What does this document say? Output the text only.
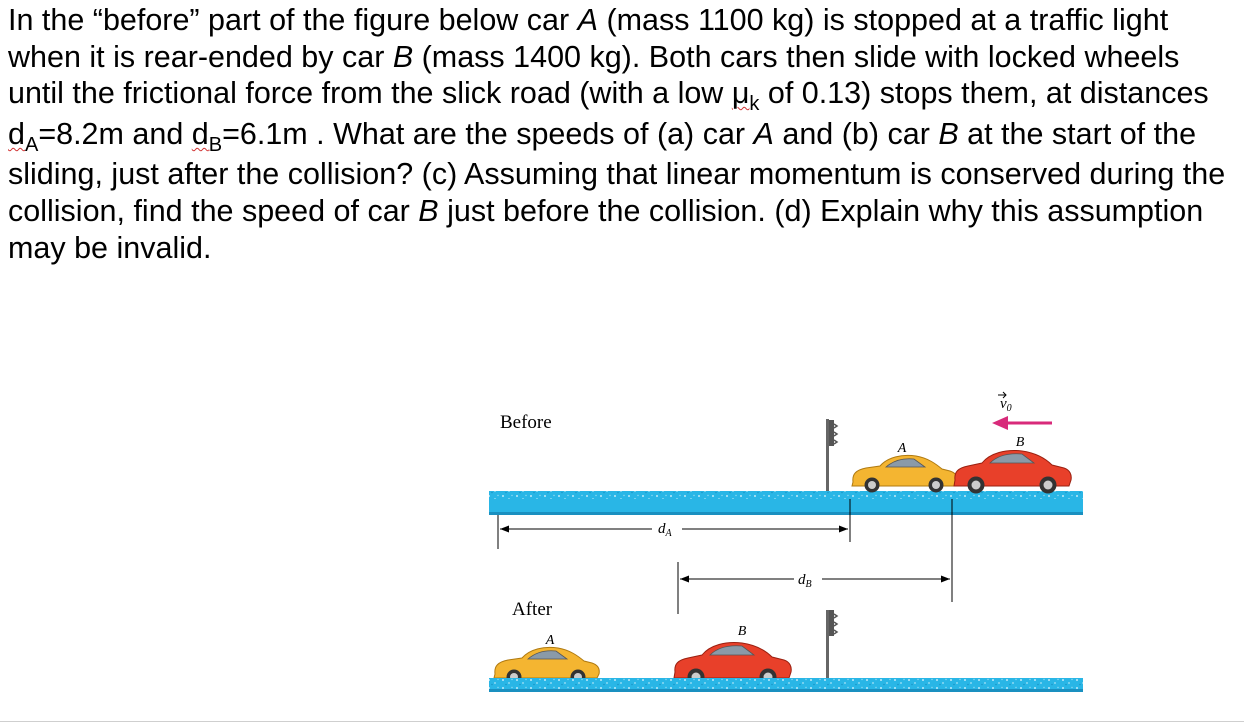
In the “before” part of the figure below car A (mass 1100 kg) is stopped at a traffic light when it is rear-ended by car B (mass 1400 kg). Both cars then slide with locked wheels until the frictional force from the slick road (with a low $\mu_k$ of 0.13) stops them, at distances $d_A=8.2m$ and $d_B=6.1m$ . What are the speeds of (a) car A and (b) car B at the start of the sliding, just after the collision? (c) Assuming that linear momentum is conserved during the collision, find the speed of car B just before the collision. (d) Explain why this assumption may be invalid.
Before
A	B
$v_0$
$d_A$
$d_B$
After
A
B
